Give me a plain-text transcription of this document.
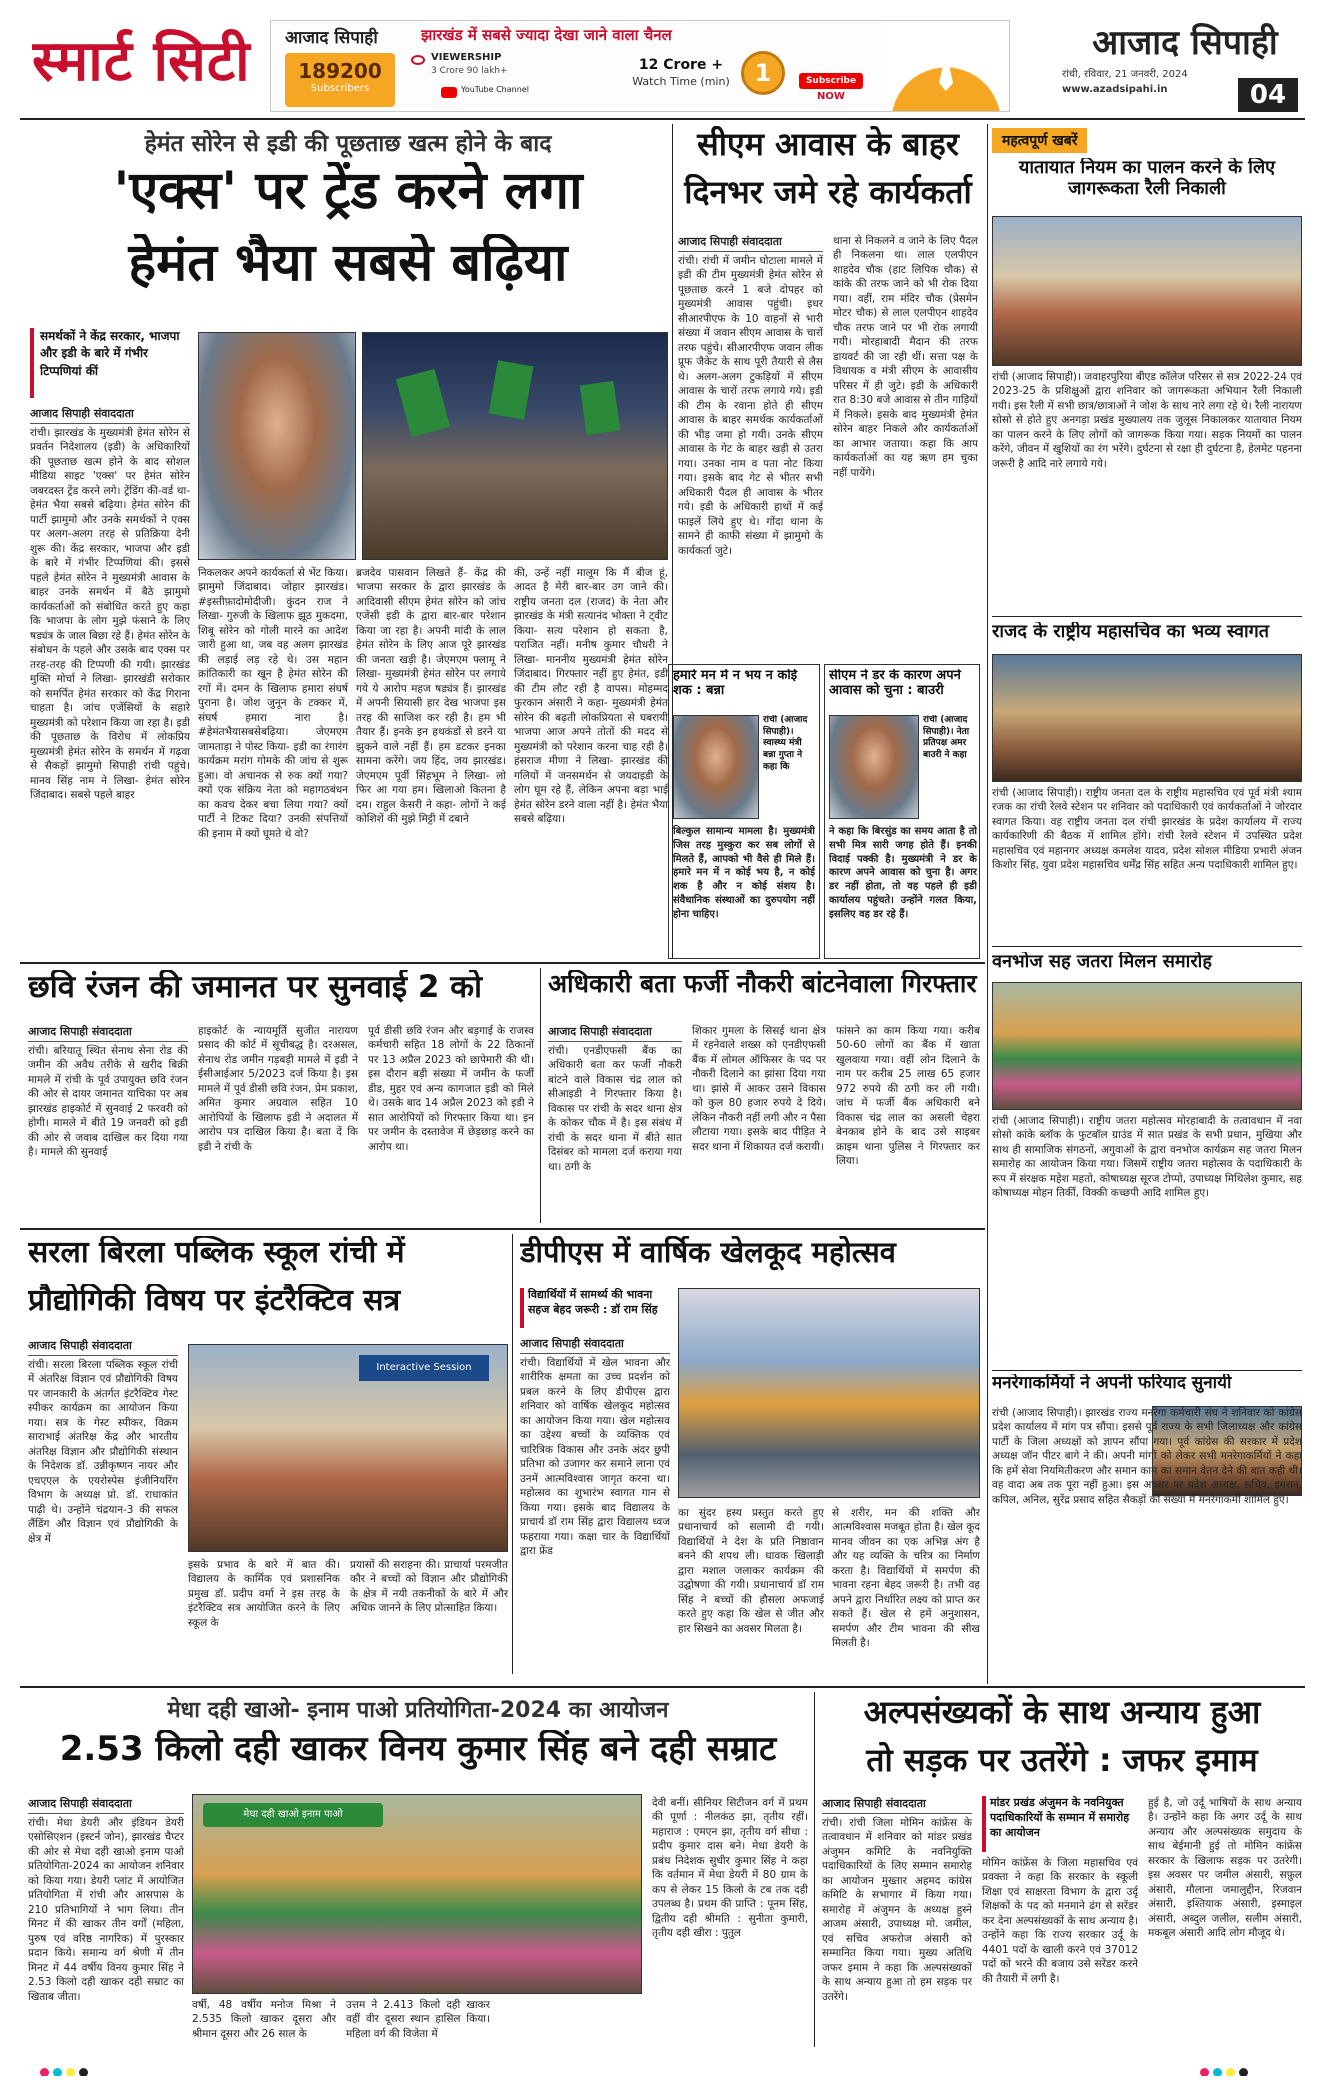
स्मार्ट सिटी	आजाद सिपाही	झारखंड में सबसे ज्यादा देखा जाने वाला चैनल
189200
Subscribers
VIEWERSHIP
3 Crore 90 lakh+
YouTube Channel
12 Crore +
Watch Time (min)	1	Subscribe
NOW
आजाद सिपाही
रांची, रविवार, 21 जनवरी, 2024
www.azadsipahi.in	04
हेमंत सोरेन से इडी की पूछताछ खत्म होने के बाद
'एक्स' पर ट्रेंड करने लगा
हेमंत भैया सबसे बढ़िया
समर्थकों ने केंद्र सरकार, भाजपा और इडी के बारे में गंभीर टिप्पणियां कीं
आजाद सिपाही संवाददाता
रांची। झारखंड के मुख्यमंत्री हेमंत सोरेन से प्रवर्तन निदेशालय (इडी) के अधिकारियों की पूछताछ खत्म होने के बाद सोशल मीडिया साइट 'एक्स' पर हेमंत सोरेन जबरदस्त ट्रेंड करने लगे। ट्रेंडिंग की-वर्ड था- हेमंत भैया सबसे बढ़िया। हेमंत सोरेन की पार्टी झामुमो और उनके समर्थकों ने एक्स पर अलग-अलग तरह से प्रतिक्रिया देनी शुरू की। केंद्र सरकार, भाजपा और इडी के बारे में गंभीर टिप्पणियां की। इससे पहले हेमंत सोरेन ने मुख्यमंत्री आवास के बाहर उनके समर्थन में बैठे झामुमो कार्यकर्ताओं को संबोधित करते हुए कहा कि भाजपा के लोग मुझे फंसाने के लिए षड्यंत्र के जाल बिछा रहे हैं। हेमंत सोरेन के संबोधन के पहले और उसके बाद एक्स पर तरह-तरह की टिप्पणी की गयी। झारखंड मुक्ति मोर्चा ने लिखा- झारखंडी सरोकार को समर्पित हेमंत सरकार को केंद्र गिराना चाहता है। जांच एजेंसियों के सहारे मुख्यमंत्री को परेशान किया जा रहा है। इडी की पूछताछ के विरोध में लोकप्रिय मुख्यमंत्री हेमंत सोरेन के समर्थन में गढ़वा से सैकड़ों झामुमो सिपाही रांची पहुंचे। मानव सिंह नाम ने लिखा- हेमंत सोरेन जिंदाबाद। सबसे पहले बाहर
निकलकर अपने कार्यकर्ता से भेंट किया। झामुमो जिंदाबाद। जोहार झारखंड। #इस्तीफ़ादोमोदीजी। कुंदन राज ने लिखा- गुरुजी के खिलाफ झूठ मुकदमा, शिबू सोरेन को गोली मारने का आदेश जारी हुआ था, जब वह अलग झारखंड की लड़ाई लड़ रहे थे। उस महान क्रांतिकारी का खून है हेमंत सोरेन की रगों में। दमन के खिलाफ हमारा संघर्ष पुराना है। जोश जुनून के टक्कर में, संघर्ष हमारा नारा है। #हेमंतभैयासबसेबढ़िया। जेएमएम जामताड़ा ने पोस्ट किया- इडी का रंगारंग कार्यक्रम मरांग गोमके की जांच से शुरू हुआ। वो अचानक से रुक क्यों गया? क्यों एक संक्रिय नेता को महागठबंधन का कवच देकर बचा लिया गया? क्यों पार्टी ने टिकट दिया? उनकी संपत्तियों की इनाम में क्यों घूमते थे वो?
ब्रजदेव पासवान लिखते हैं- केंद्र की भाजपा सरकार के द्वारा झारखंड के आदिवासी सीएम हेमंत सोरेन को जांच एजेंसी इडी के द्वारा बार-बार परेशान किया जा रहा है। अपनी मांदी के लाल हेमंत सोरेन के लिए आज पूरे झारखंड की जनता खड़ी है। जेएमएम फ्लामू ने लिखा- मुख्यमंत्री हेमंत सोरेन पर लगाये गये ये आरोप महज षड्यंत्र हैं। झारखंड में अपनी सियासी हार देख भाजपा इस तरह की साजिश कर रही है। हम भी तैयार हैं। इनके इन हथकंडों से डरने या झुकने वाले नहीं हैं। हम डटकर इनका सामना करेंगे। जय हिंद, जय झारखंड। जेएमएम पूर्वी सिंहभूम ने लिखा- लो फिर आ गया हम। खिलाओ कितना है दम। राहुल केसरी ने कहा- लोगों ने कई कोशिशें की मुझे मिट्टी में दबाने
की, उन्हें नहीं मालूम कि मैं बीज हूं, आदत है मेरी बार-बार उग जाने की। राष्ट्रीय जनता दल (राजद) के नेता और झारखंड के मंत्री सत्यानंद भोक्ता ने ट्वीट किया- सत्य परेशान हो सकता है, पराजित नहीं। मनीष कुमार चौधरी ने लिखा- माननीय मुख्यमंत्री हेमंत सोरेन जिंदाबाद। गिरफ्तार नहीं हुए हेमंत, इडी की टीम लौट रही है वापस। मोहम्मद फुरकान अंसारी ने कहा- मुख्यमंत्री हेमंत सोरेन की बढ़ती लोकप्रियता से घबरायी भाजपा आज अपने तोतों की मदद से मुख्यमंत्री को परेशान करना चाह रही है। हंसराज मीणा ने लिखा- झारखंड की गलियों में जनसमर्थन से जयदाइडी के लोग घूम रहे हैं, लेकिन अपना बड़ा भाई हेमंत सोरेन डरने वाला नहीं है। हेमंत भैया सबसे बढ़िया।
सीएम आवास के बाहर
दिनभर जमे रहे कार्यकर्ता
आजाद सिपाही संवाददाता
रांची। रांची में जमीन घोटाला मामले में इडी की टीम मुख्यमंत्री हेमंत सोरेन से पूछताछ करने 1 बजे दोपहर को मुख्यमंत्री आवास पहुंची। इधर सीआरपीएफ के 10 वाहनों से भारी संख्या में जवान सीएम आवास के चारों तरफ पहुंचे। सीआरपीएफ जवान लीक प्रूफ जैकेट के साथ पूरी तैयारी से लैस थे। अलग-अलग टुकड़ियों में सीएम आवास के चारों तरफ लगाये गये। इडी की टीम के रवाना होते ही सीएम आवास के बाहर समर्थक कार्यकर्ताओं की भीड़ जमा हो गयी। उनके सीएम आवास के गेट के बाहर खड़ी से उतरा गया। उनका नाम व पता नोट किया गया। इसके बाद गेट से भीतर सभी अधिकारी पैदल ही आवास के भीतर गये। इडी के अधिकारी हाथों में कई फाइलें लिये हुए थे। गोंदा थाना के सामने ही काफी संख्या में झामुमो के कार्यकर्ता जुटे।
थाना से निकलने व जाने के लिए पैदल ही निकलना था। लाल एलपीएन शाहदेव चौक (हाट लिपिक चौक) से कांके की तरफ जाने को भी रोक दिया गया। वहीं, राम मंदिर चौक (प्रेसमेन मोटर चौक) से लाल एलपीएन शाहदेव चौक तरफ जाने पर भी रोक लगायी गयी। मोरहाबादी मैदान की तरफ डायवर्ट की जा रही थीं। सत्ता पक्ष के विधायक व मंत्री सीएम के आवासीय परिसर में ही जुटे। इडी के अधिकारी रात 8:30 बजे आवास से तीन गाड़ियों में निकले। इसके बाद मुख्यमंत्री हेमंत सोरेन बाहर निकले और कार्यकर्ताओं का आभार जताया। कहा कि आप कार्यकर्ताओं का यह ऋण हम चुका नहीं पायेंगे।
हमारे मन में न भय न कोई शक : बन्ना
रांची (आजाद सिपाही)। स्वास्थ्य मंत्री बन्ना गुप्ता ने कहा कि
बिल्कुल सामान्य मामला है। मुख्यमंत्री जिस तरह मुस्कुरा कर सब लोगों से मिलते हैं, आपको भी वैसे ही मिले हैं। हमारे मन में न कोई भय है, न कोई शक है और न कोई संशय है। संवैधानिक संस्थाओं का दुरुपयोग नहीं होना चाहिए।
सीएम ने डर के कारण अपने आवास को चुना : बाउरी
रांची (आजाद सिपाही)। नेता प्रतिपक्ष अमर बाउरी ने कहा
ने कहा कि बिरसुंड का समय आता है तो सभी मित्र सारी जगह होते हैं। इनकी विदाई पक्की है। मुख्यमंत्री ने डर के कारण अपने आवास को चुना है। अगर डर नहीं होता, तो वह पहले ही इडी कार्यालय पहुंचते। उन्होंने गलत किया, इसलिए वह डर रहे हैं।
छवि रंजन की जमानत पर सुनवाई 2 को
आजाद सिपाही संवाददाता
रांची। बरियातू स्थित सेनाथ सेना रोड की जमीन की अवैध तरीके से खरीद बिक्री मामले में रांची के पूर्व उपायुक्त छवि रंजन की ओर से दायर जमानत याचिका पर अब झारखंड हाइकोर्ट में सुनवाई 2 फरवरी को होगी। मामले में बीते 19 जनवरी को इडी की ओर से जवाब दाखिल कर दिया गया है। मामले की सुनवाई
हाइकोर्ट के न्यायमूर्ति सुजीत नारायण प्रसाद की कोर्ट में सूचीबद्ध है। दरअसल, सेनाथ रोड जमीन गड़बड़ी मामले में इडी ने ईसीआईआर 5/2023 दर्ज किया है। इस मामले में पूर्व डीसी छवि रंजन, प्रेम प्रकाश, अमित कुमार अग्रवाल सहित 10 आरोपियों के खिलाफ इडी ने अदालत में आरोप पत्र दाखिल किया है। बता दें कि इडी ने रांची के
पूर्व डीसी छवि रंजन और बड़गाई के राजस्व कर्मचारी सहित 18 लोगों के 22 ठिकानों पर 13 अप्रैल 2023 को छापेमारी की थी। इस दौरान बड़ी संख्या में जमीन के फर्जी डीड, मुहर एवं अन्य कागजात इडी को मिले थे। उसके बाद 14 अप्रैल 2023 को इडी ने सात आरोपियों को गिरफ्तार किया था। इन पर जमीन के दस्तावेज में छेड़छाड़ करने का आरोप था।
अधिकारी बता फर्जी नौकरी बांटनेवाला गिरफ्तार
आजाद सिपाही संवाददाता
रांची। एनडीएफसी बैंक का अधिकारी बता कर फर्जी नौकरी बांटने वाले विकास चंद्र लाल को सीआइडी ने गिरफ्तार किया है। विकास पर रांची के सदर थाना क्षेत्र के कोकर चौक में है। इस संबंध में रांची के सदर थाना में बीते सात दिसंबर को मामला दर्ज कराया गया था। ठगी के
शिकार गुमला के सिसई थाना क्षेत्र में रहनेवाले शख्स को एनडीएफसी बैंक में लोमल ऑफिसर के पद पर नौकरी दिलाने का झांसा दिया गया था। झांसे में आकर उसने विकास को कुल 80 हजार रुपये दे दिये। लेकिन नौकरी नहीं लगी और न पैसा लौटाया गया। इसके बाद पीड़ित ने सदर थाना में शिकायत दर्ज करायी।
फांसने का काम किया गया। करीब 50-60 लोगों का बैंक में खाता खुलवाया गया। वहीं लोन दिलाने के नाम पर करीब 25 लाख 65 हजार 972 रुपये की ठगी कर ली गयी। जांच में फर्जी बैंक अधिकारी बने विकास चंद्र लाल का असली चेहरा बेनकाब होने के बाद उसे साइबर क्राइम थाना पुलिस ने गिरफ्तार कर लिया।
सरला बिरला पब्लिक स्कूल रांची में
प्रौद्योगिकी विषय पर इंटरैक्टिव सत्र
आजाद सिपाही संवाददाता
रांची। सरला बिरला पब्लिक स्कूल रांची में अंतरिक्ष विज्ञान एवं प्रौद्योगिकी विषय पर जानकारी के अंतर्गत इंटरैक्टिव गेस्ट स्पीकर कार्यक्रम का आयोजन किया गया। सत्र के गेस्ट स्पीकर, विक्रम साराभाई अंतरिक्ष केंद्र और भारतीय अंतरिक्ष विज्ञान और प्रौद्योगिकी संस्थान के निदेशक डॉ. उन्नीकृष्णन नायर और एचएएल के एयरोस्पेस इंजीनियरिंग विभाग के अध्यक्ष प्रो. डॉ. राधाकांत पाढ़ी थे। उन्होंने चंद्रयान-3 की सफल लैंडिंग और विज्ञान एवं प्रौद्योगिकी के क्षेत्र में
Interactive Session
इसके प्रभाव के बारे में बात की। विद्यालय के कार्मिक एवं प्रशासनिक प्रमुख डॉ. प्रदीप वर्मा ने इस तरह के इंटरैक्टिव सत्र आयोजित करने के लिए स्कूल के
प्रयासों की सराहना की। प्राचार्या परमजीत कौर ने बच्चों को विज्ञान और प्रौद्योगिकी के क्षेत्र में नयी तकनीकों के बारे में और अधिक जानने के लिए प्रोत्साहित किया।
डीपीएस में वार्षिक खेलकूद महोत्सव
विद्यार्थियों में सामर्थ्य की भावना सहज बेहद जरूरी : डॉ राम सिंह
आजाद सिपाही संवाददाता
रांची। विद्यार्थियों में खेल भावना और शारीरिक क्षमता का उच्च प्रदर्शन को प्रबल करने के लिए डीपीएस द्वारा शनिवार को वार्षिक खेलकूद महोत्सव का आयोजन किया गया। खेल महोत्सव का उद्देश्य बच्चों के व्यक्तिक एवं चारित्रिक विकास और उनके अंदर छुपी प्रतिभा को उजागर कर समाने लाना एवं उनमें आत्मविश्वास जागृत करना था। महोत्सव का शुभारंभ स्वागत गान से किया गया। इसके बाद विद्यालय के प्राचार्य डॉ राम सिंह द्वारा विद्यालय ध्वज फहराया गया। कक्षा चार के विद्यार्थियों द्वारा फ्रेंड
का सुंदर हस्य प्रस्तुत करते हुए प्रधानाचार्य को सलामी दी गयी। विद्यार्थियों ने देश के प्रति निष्ठावान बनने की शपथ ली। धावक खिलाड़ी द्वारा मशाल जलाकर कार्यक्रम की उद्घोषणा की गयी। प्रधानाचार्य डॉ राम सिंह ने बच्चों की हौसला अफजाई करते हुए कहा कि खेल से जीत और हार सिखने का अवसर मिलता है।
से शरीर, मन की शक्ति और आत्मविश्वास मजबूत होता है। खेल कूद मानव जीवन का एक अभिन्न अंग है और यह व्यक्ति के चरित्र का निर्माण करता है। विद्यार्थियों में समर्पण की भावना रहना बेहद जरूरी है। तभी वह अपने द्वारा निर्धारित लक्ष्य को प्राप्त कर सकते हैं। खेल से हमें अनुशासन, समर्पण और टीम भावना की सीख मिलती है।
महत्वपूर्ण खबरें
यातायात नियम का पालन करने के लिए जागरूकता रैली निकाली
रांची (आजाद सिपाही)। जवाहरपुरिया बीएड कॉलेज परिसर से सत्र 2022-24 एवं 2023-25 के प्रशिक्षुओं द्वारा शनिवार को जागरूकता अभियान रैली निकाली गयी। इस रैली में सभी छात्र/छात्राओं ने जोश के साथ नारे लगा रहे थे। रैली नारायण सोसो से होते हुए अनगड़ा प्रखंड मुख्यालय तक जुलूस निकालकर यातायात नियम का पालन करने के लिए लोगों को जागरूक किया गया। सड़क नियमों का पालन करेंगे, जीवन में खुशियों का रंग भरेंगे। दुर्घटना से रक्षा ही दुर्घटना है, हेलमेट पहनना जरूरी है आदि नारे लगाये गये।
राजद के राष्ट्रीय महासचिव का भव्य स्वागत
रांची (आजाद सिपाही)। राष्ट्रीय जनता दल के राष्ट्रीय महासचिव एवं पूर्व मंत्री श्याम रजक का रांची रेलवे स्टेशन पर शनिवार को पदाधिकारी एवं कार्यकर्ताओं ने जोरदार स्वागत किया। वह राष्ट्रीय जनता दल रांची झारखंड के प्रदेश कार्यालय में राज्य कार्यकारिणी की बैठक में शामिल होंगे। रांची रेलवे स्टेशन में उपस्थित प्रदेश महासचिव एवं महानगर अध्यक्ष कमलेश यादव, प्रदेश सोशल मीडिया प्रभारी अंजन किशोर सिंह, युवा प्रदेश महासचिव धर्मेंद्र सिंह सहित अन्य पदाधिकारी शामिल हुए।
वनभोज सह जतरा मिलन समारोह
रांची (आजाद सिपाही)। राष्ट्रीय जतरा महोत्सव मोरहाबादी के तत्वावधान में नवा सोसो कांके ब्लॉक के फुटबॉल ग्राउंड में सात प्रखंड के सभी प्रधान, मुखिया और साथ ही सामाजिक संगठनों, अगुवाओं के द्वारा वनभोज कार्यक्रम सह जतरा मिलन समारोह का आयोजन किया गया। जिसमें राष्ट्रीय जतरा महोत्सव के पदाधिकारी के रूप में संरक्षक महेश महतो, कोषाध्यक्ष सूरज टोप्पो, उपाध्यक्ष मिथिलेश कुमार, सह कोषाध्यक्ष मोहन तिर्की, विक्की कच्छपी आदि शामिल हुए।
मनरेगाकर्मियों ने अपनी फरियाद सुनायी
रांची (आजाद सिपाही)। झारखंड राज्य मनरेगा कर्मचारी संघ ने शनिवार को कांग्रेस प्रदेश कार्यालय में मांग पत्र सौंपा। इससे पूर्व राज्य के सभी जिलाध्यक्ष और कांग्रेस पार्टी के जिला अध्यक्षों को ज्ञापन सौंपा गया। पूर्व कांग्रेस की सरकार में प्रदेश अध्यक्ष जॉन पीटर बागे ने की। अपनी मांगों को लेकर सभी मनरेगाकर्मियों ने कहा कि हमें सेवा नियमितीकरण और समान काम का समान वेतन देने की बात कही थी। वह वादा अब तक पूरा नहीं हुआ। इस अवसर पर प्रदेश अध्यक्ष, सचिव, इमरान, कपिल, अनिल, सुरेंद्र प्रसाद सहित सैकड़ों की संख्या में मनरेगाकर्मी शामिल हुए।
मेधा दही खाओ- इनाम पाओ प्रतियोगिता-2024 का आयोजन
2.53 किलो दही खाकर विनय कुमार सिंह बने दही सम्राट
आजाद सिपाही संवाददाता
रांची। मेधा डेयरी और इंडियन डेयरी एसोसिएशन (इस्टर्न जोन), झारखंड चैप्टर की ओर से मेधा दही खाओ इनाम पाओ प्रतियोगिता-2024 का आयोजन शनिवार को किया गया। डेयरी प्लांट में आयोजित प्रतियोगिता में रांची और आसपास के 210 प्रतिभागियों ने भाग लिया। तीन मिनट में की खाकर तीन वर्गों (महिला, पुरुष एवं वरिष्ठ नागरिक) में पुरस्कार प्रदान किये। समान्य वर्ग श्रेणी में तीन मिनट में 44 वर्षीय विनय कुमार सिंह ने 2.53 किलो दही खाकर दही सम्राट का खिताब जीता।
मेधा दही खाओ इनाम पाओ
वर्षी, 48 वर्षीय मनोज मिश्रा ने 2.535 किलो खाकर दूसरा और श्रीमान दूसरा और 26 साल के
उत्तम ने 2.413 किलो दही खाकर वहीं वीर दूसरा स्थान हासिल किया। महिला वर्ग की विजेता में
देवी बनीं। सीनियर सिटीजन वर्ग में प्रथम की पूर्णा : नीलकंठ झा, तृतीय रहीं। महाराज : एमएन झा, तृतीय वर्ग सीधा : प्रदीप कुमार दास बने। मेधा डेयरी के प्रबंध निदेशक सुधीर कुमार सिंह ने कहा कि वर्तमान में मेधा डेयरी में 80 ग्राम के कप से लेकर 15 किलो के टब तक दही उपलब्ध है। प्रथम की प्राप्ति : पूनम सिंह, द्वितीय दही श्रीमति : सुनीता कुमारी, तृतीय दही खीरा : पुतुल
अल्पसंख्यकों के साथ अन्याय हुआ
तो सड़क पर उतरेंगे : जफर इमाम
आजाद सिपाही संवाददाता
रांची। रांची जिला मोमिन कांफ्रेंस के तत्वावधान में शनिवार को मांडर प्रखंड अंजुमन कमिटि के नवनियुक्ति पदाधिकारियों के लिए सम्मान समारोह का आयोजन मुख्तार अहमद कांग्रेस कमिटि के सभागार में किया गया। समारोह में अंजुमन के अध्यक्ष हुस्ने आजम अंसारी, उपाध्यक्ष मो. जमील, एवं सचिव अफरोज अंसारी को सम्मानित किया गया। मुख्य अतिथि जफर इमाम ने कहा कि अल्पसंख्यकों के साथ अन्याय हुआ तो हम सड़क पर उतरेंगे।
मांडर प्रखंड अंजुमन के नवनियुक्त पदाधिकारियों के सम्मान में समारोह का आयोजन
मोमिन कांफ्रेंस के जिला महासचिव एवं प्रवक्ता ने कहा कि सरकार के स्कूली शिक्षा एवं साक्षरता विभाग के द्वारा उर्दू शिक्षकों के पद को मनमाने ढंग से सरेंडर कर देना अल्पसंख्यकों के साथ अन्याय है। उन्होंने कहा कि राज्य सरकार उर्दू के 4401 पदों के खाली करने एवं 37012 पदों को भरने की बजाय उसे सरेंडर करने की तैयारी में लगी है।
हुई है, जो उर्दू भाषियों के साथ अन्याय है। उन्होंने कहा कि अगर उर्दू के साथ अन्याय और अल्पसंख्यक समुदाय के साथ बेईमानी हुई तो मोमिन कांफ्रेंस सरकार के खिलाफ सड़क पर उतरेगी। इस अवसर पर जमील अंसारी, सफ़ुल अंसारी, मौलाना जमालुद्दीन, रिजवान अंसारी, इश्तियाक अंसारी, इस्माइल अंसारी, अब्दुल जलील, सलीम अंसारी, मकबूल अंसारी आदि लोग मौजूद थे।
